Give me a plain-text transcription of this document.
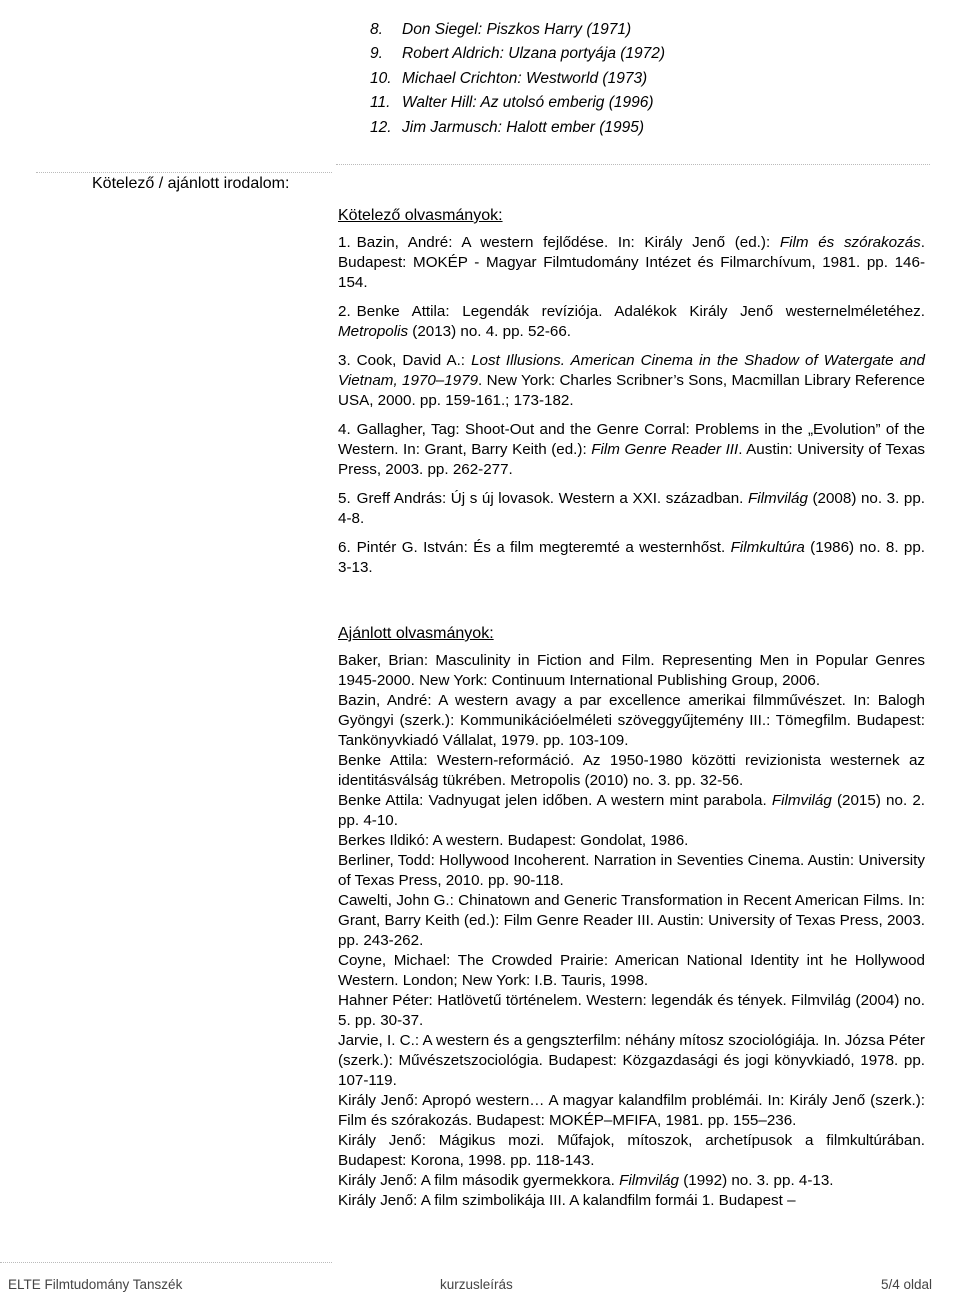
8. Don Siegel: Piszkos Harry (1971)
9. Robert Aldrich: Ulzana portyája (1972)
10. Michael Crichton: Westworld (1973)
11. Walter Hill: Az utolsó emberig (1996)
12. Jim Jarmusch: Halott ember (1995)
Kötelező / ajánlott irodalom:
Kötelező olvasmányok:

1. Bazin, André: A western fejlődése. In: Király Jenő (ed.): Film és szórakozás. Budapest: MOKÉP - Magyar Filmtudomány Intézet és Filmarchívum, 1981. pp. 146-154.

2. Benke Attila: Legendák revíziója. Adalékok Király Jenő westernelméletéhez. Metropolis (2013) no. 4. pp. 52-66.

3. Cook, David A.: Lost Illusions. American Cinema in the Shadow of Watergate and Vietnam, 1970–1979. New York: Charles Scribner’s Sons, Macmillan Library Reference USA, 2000. pp. 159-161.; 173-182.

4. Gallagher, Tag: Shoot-Out and the Genre Corral: Problems in the „Evolution” of the Western. In: Grant, Barry Keith (ed.): Film Genre Reader III. Austin: University of Texas Press, 2003. pp. 262-277.

5. Greff András: Új s új lovasok. Western a XXI. században. Filmvilág (2008) no. 3. pp. 4-8.

6. Pintér G. István: És a film megteremté a westernhőst. Filmkultúra (1986) no. 8. pp. 3-13.

Ajánlott olvasmányok:

Baker, Brian: Masculinity in Fiction and Film. Representing Men in Popular Genres 1945-2000. New York: Continuum International Publishing Group, 2006.

Bazin, André: A western avagy a par excellence amerikai filmművészet. In: Balogh Gyöngyi (szerk.): Kommunikációelméleti szöveggyűjtemény III.: Tömegfilm. Budapest: Tankönyvkiadó Vállalat, 1979. pp. 103-109.

Benke Attila: Western-reformáció. Az 1950-1980 közötti revizionista westernek az identitásválság tükrében. Metropolis (2010) no. 3. pp. 32-56.

Benke Attila: Vadnyugat jelen időben. A western mint parabola. Filmvilág (2015) no. 2. pp. 4-10.

Berkes Ildikó: A western. Budapest: Gondolat, 1986.

Berliner, Todd: Hollywood Incoherent. Narration in Seventies Cinema. Austin: University of Texas Press, 2010. pp. 90-118.

Cawelti, John G.: Chinatown and Generic Transformation in Recent American Films. In: Grant, Barry Keith (ed.): Film Genre Reader III. Austin: University of Texas Press, 2003. pp. 243-262.

Coyne, Michael: The Crowded Prairie: American National Identity int he Hollywood Western. London; New York: I.B. Tauris, 1998.

Hahner Péter: Hatlövetű történelem. Western: legendák és tények. Filmvilág (2004) no. 5. pp. 30-37.

Jarvie, I. C.: A western és a gengszterfilm: néhány mítosz szociológiája. In. Józsa Péter (szerk.): Művészetszociológia. Budapest: Közgazdasági és jogi könyvkiadó, 1978. pp. 107-119.

Király Jenő: Apropó western… A magyar kalandfilm problémái. In: Király Jenő (szerk.): Film és szórakozás. Budapest: MOKÉP–MFIFA, 1981. pp. 155–236.

Király Jenő: Mágikus mozi. Műfajok, mítoszok, archetípusok a filmkultúrában. Budapest: Korona, 1998. pp. 118-143.

Király Jenő: A film második gyermekkora. Filmvilág (1992) no. 3. pp. 4-13.

Király Jenő: A film szimbolikája III. A kalandfilm formái 1. Budapest –

ELTE Filmtudomány Tanszék	kurzusleírás	5/4 oldal
